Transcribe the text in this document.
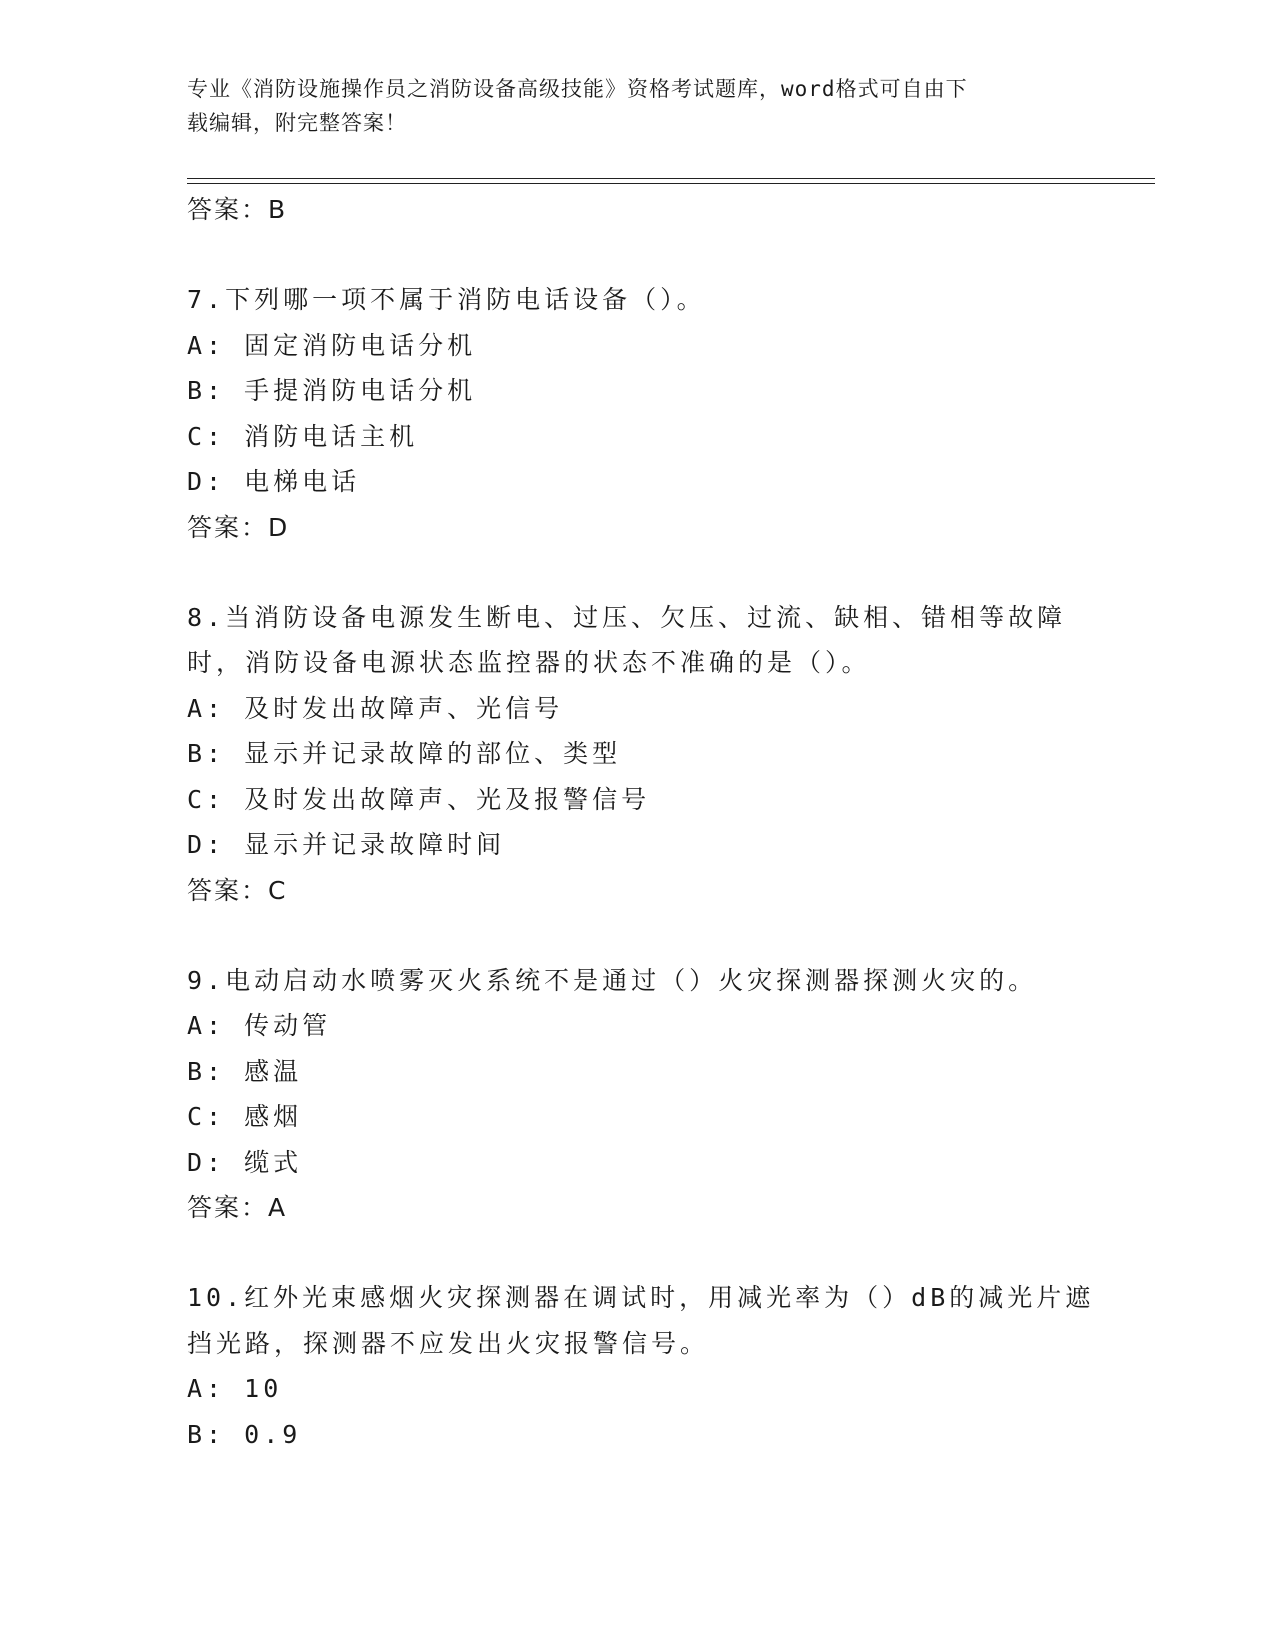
专业《消防设施操作员之消防设备高级技能》资格考试题库，word格式可自由下
载编辑，附完整答案！
答案：B
7.下列哪一项不属于消防电话设备（）。
A: 固定消防电话分机
B: 手提消防电话分机
C: 消防电话主机
D: 电梯电话
答案：D
8.当消防设备电源发生断电、过压、欠压、过流、缺相、错相等故障
时，消防设备电源状态监控器的状态不准确的是（）。
A: 及时发出故障声、光信号
B: 显示并记录故障的部位、类型
C: 及时发出故障声、光及报警信号
D: 显示并记录故障时间
答案：C
9.电动启动水喷雾灭火系统不是通过（）火灾探测器探测火灾的。
A: 传动管
B: 感温
C: 感烟
D: 缆式
答案：A
10.红外光束感烟火灾探测器在调试时，用减光率为（）dB的减光片遮
挡光路，探测器不应发出火灾报警信号。
A: 10
B: 0.9
